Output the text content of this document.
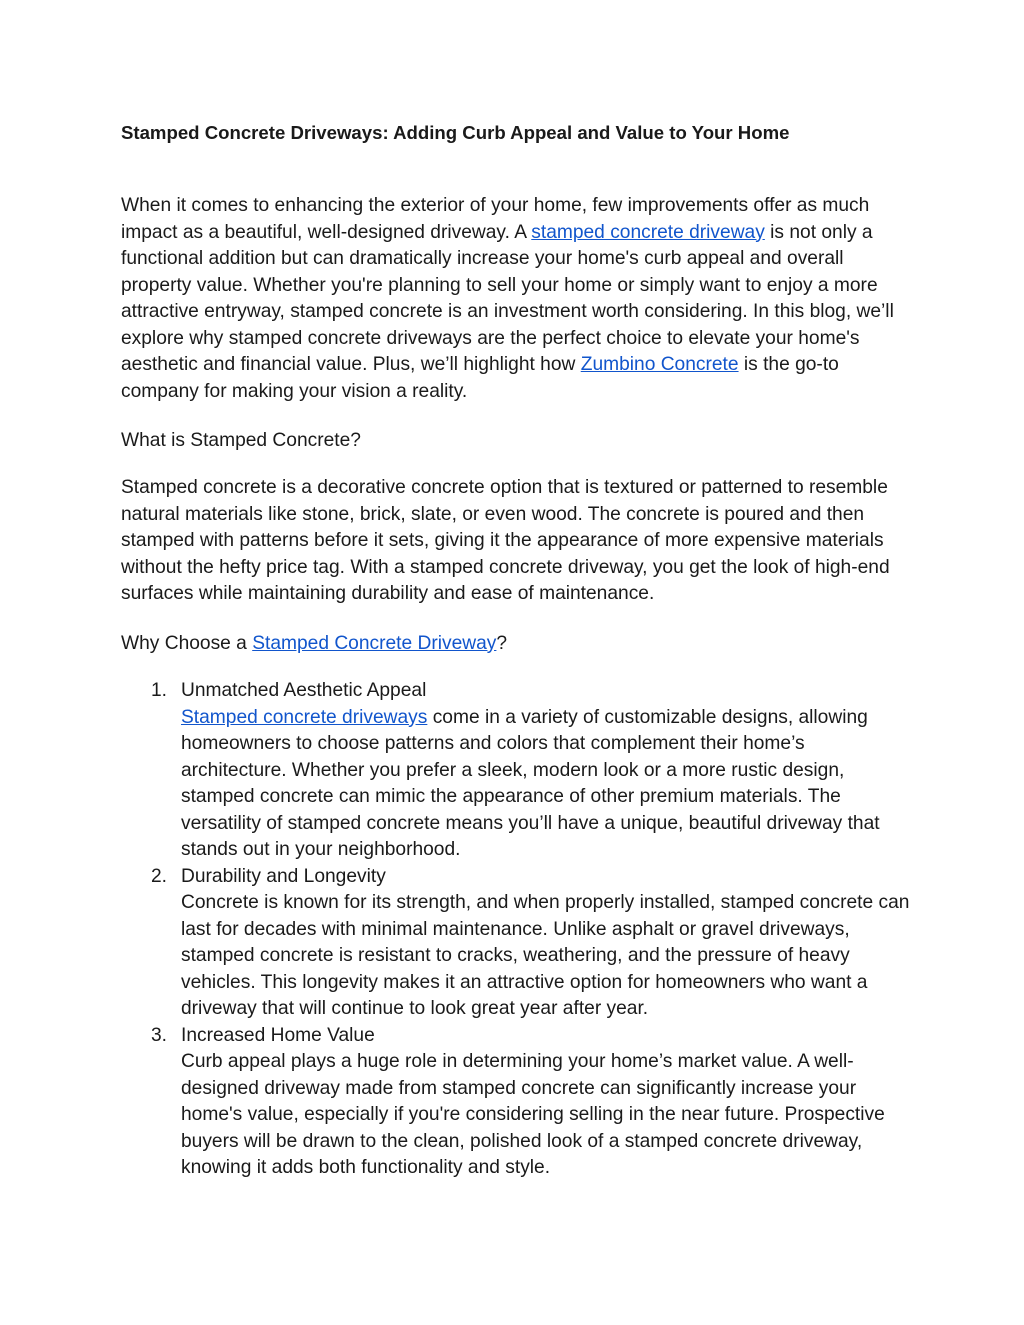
Stamped Concrete Driveways: Adding Curb Appeal and Value to Your Home

When it comes to enhancing the exterior of your home, few improvements offer as much impact as a beautiful, well-designed driveway. A stamped concrete driveway is not only a functional addition but can dramatically increase your home's curb appeal and overall property value. Whether you're planning to sell your home or simply want to enjoy a more attractive entryway, stamped concrete is an investment worth considering. In this blog, we’ll explore why stamped concrete driveways are the perfect choice to elevate your home's aesthetic and financial value. Plus, we’ll highlight how Zumbino Concrete is the go-to company for making your vision a reality.

What is Stamped Concrete?

Stamped concrete is a decorative concrete option that is textured or patterned to resemble natural materials like stone, brick, slate, or even wood. The concrete is poured and then stamped with patterns before it sets, giving it the appearance of more expensive materials without the hefty price tag. With a stamped concrete driveway, you get the look of high-end surfaces while maintaining durability and ease of maintenance.

Why Choose a Stamped Concrete Driveway?

1. Unmatched Aesthetic Appeal
Stamped concrete driveways come in a variety of customizable designs, allowing homeowners to choose patterns and colors that complement their home’s architecture. Whether you prefer a sleek, modern look or a more rustic design, stamped concrete can mimic the appearance of other premium materials. The versatility of stamped concrete means you’ll have a unique, beautiful driveway that stands out in your neighborhood.
2. Durability and Longevity
Concrete is known for its strength, and when properly installed, stamped concrete can last for decades with minimal maintenance. Unlike asphalt or gravel driveways, stamped concrete is resistant to cracks, weathering, and the pressure of heavy vehicles. This longevity makes it an attractive option for homeowners who want a driveway that will continue to look great year after year.
3. Increased Home Value
Curb appeal plays a huge role in determining your home’s market value. A well-designed driveway made from stamped concrete can significantly increase your home's value, especially if you're considering selling in the near future. Prospective buyers will be drawn to the clean, polished look of a stamped concrete driveway, knowing it adds both functionality and style.
